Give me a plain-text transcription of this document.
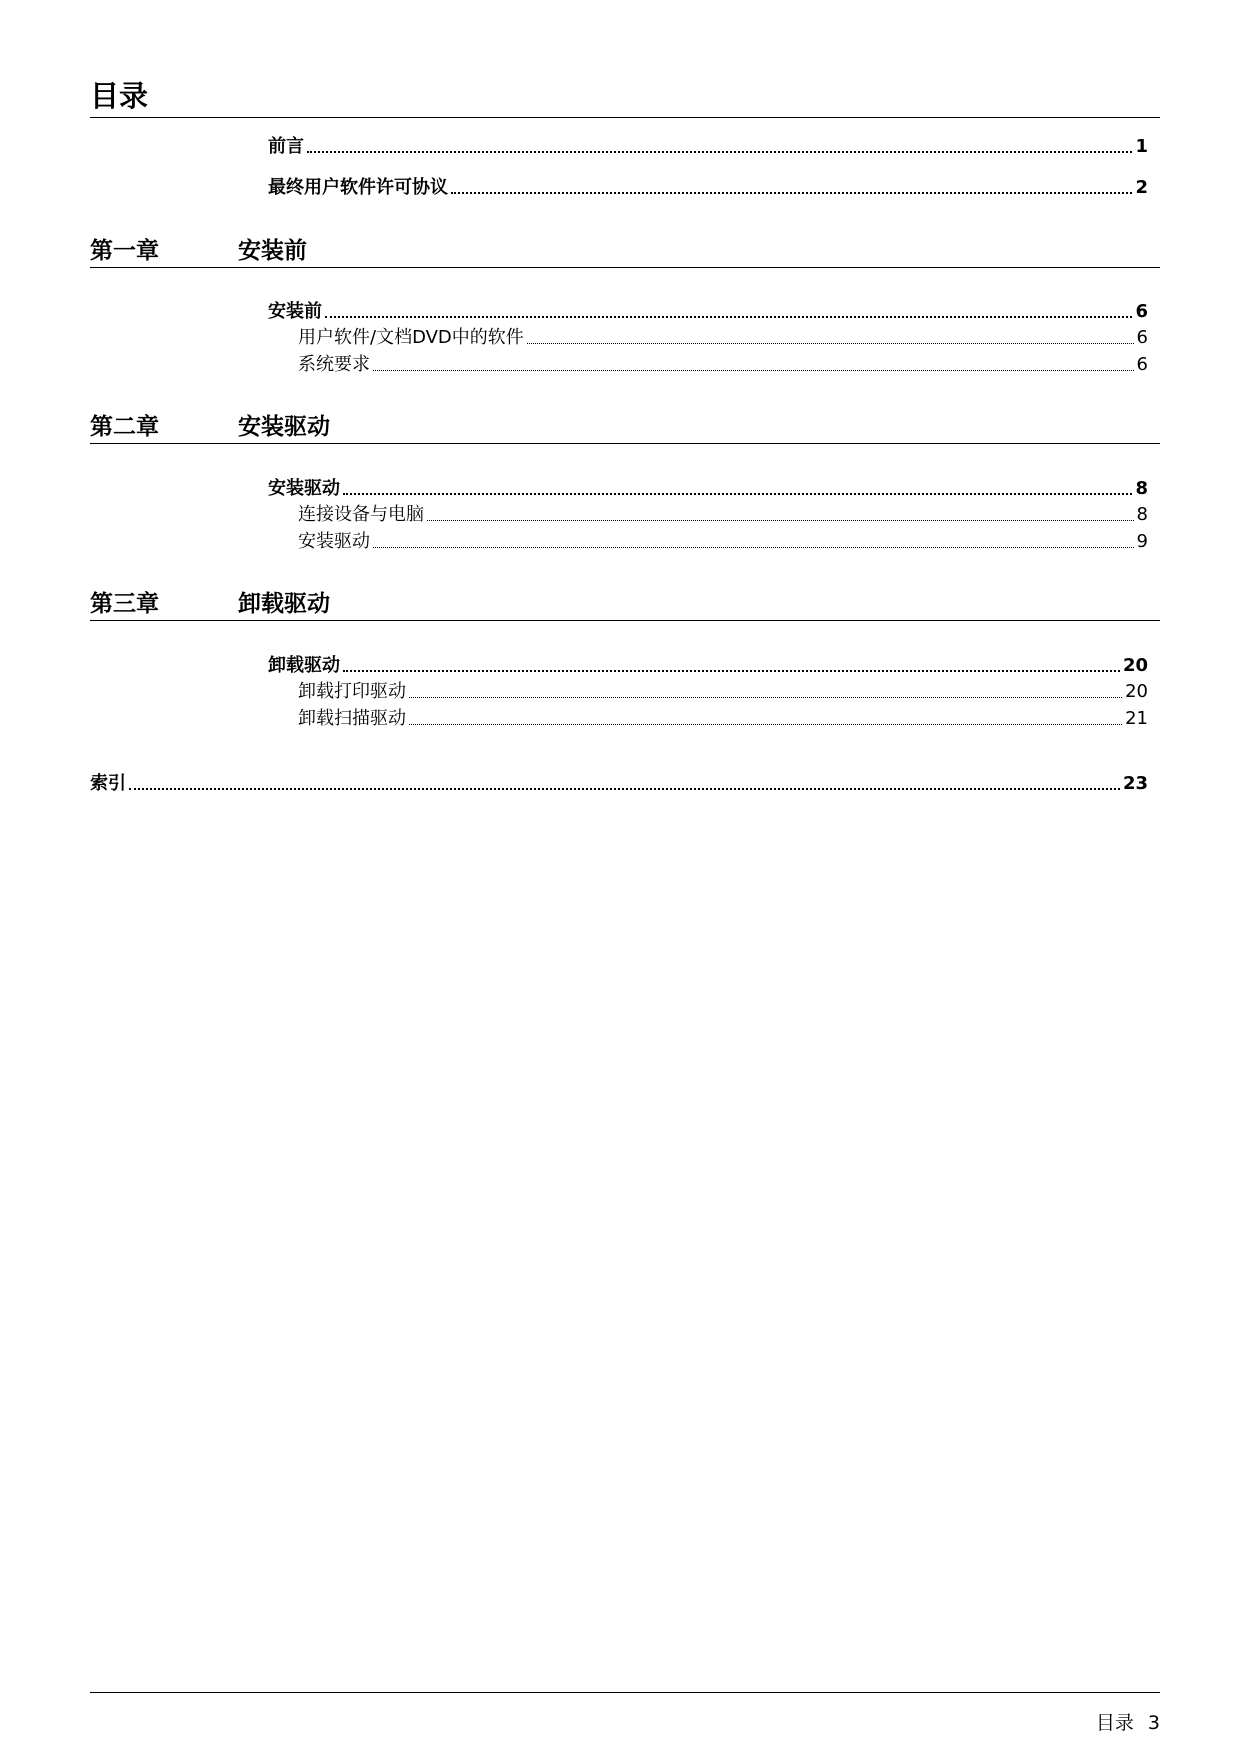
目录
前言	1
最终用户软件许可协议	2
第一章	安装前
安装前	6
用户软件/文档DVD中的软件	6
系统要求	6
第二章	安装驱动
安装驱动	8
连接设备与电脑	8
安装驱动	9
第三章	卸载驱动
卸载驱动	20
卸载打印驱动	20
卸载扫描驱动	21
索引	23
目录 3
